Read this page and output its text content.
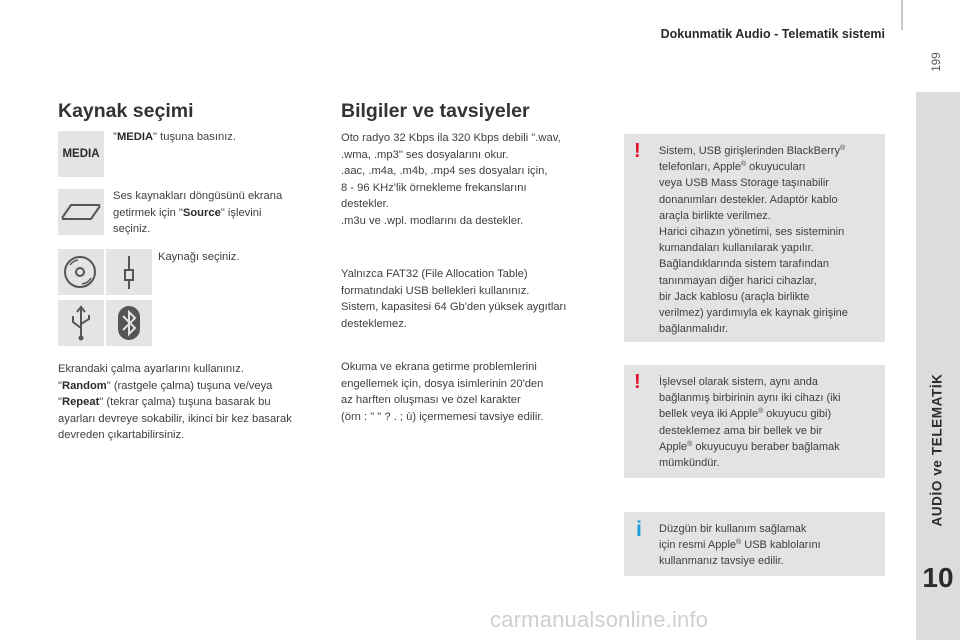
Dokunmatik Audio - Telematik sistemi
199
AUDİO ve TELEMATİK
10
Kaynak seçimi
MEDIA
"MEDIA" tuşuna basınız.
Ses kaynakları döngüsünü ekrana
getirmek için "Source" işlevini
seçiniz.
Kaynağı seçiniz.
Ekrandaki çalma ayarlarını kullanınız.
"Random" (rastgele çalma) tuşuna ve/veya
"Repeat" (tekrar çalma) tuşuna basarak bu
ayarları devreye sokabilir, ikinci bir kez basarak
devreden çıkartabilirsiniz.
Bilgiler ve tavsiyeler
Oto radyo 32 Kbps ila 320 Kbps debili ".wav,
.wma, .mp3" ses dosyalarını okur.
.aac, .m4a, .m4b, .mp4 ses dosyaları için,
8 - 96 KHz'lik örnekleme frekanslarını
destekler.
.m3u ve .wpl. modlarını da destekler.
Yalnızca FAT32 (File Allocation Table)
formatındaki USB bellekleri kullanınız.
Sistem, kapasitesi 64 Gb'den yüksek aygıtları
desteklemez.
Okuma ve ekrana getirme problemlerini
engellemek için, dosya isimlerinin 20'den
az harften oluşması ve özel karakter
(örn : " " ? . ; ù) içermemesi tavsiye edilir.
! Sistem, USB girişlerinden BlackBerry®
telefonları, Apple® okuyucuları
veya USB Mass Storage taşınabilir
donanımları destekler. Adaptör kablo
araçla birlikte verilmez.
Harici cihazın yönetimi, ses sisteminin
kumandaları kullanılarak yapılır.
Bağlandıklarında sistem tarafından
tanınmayan diğer harici cihazlar,
bir Jack kablosu (araçla birlikte
verilmez) yardımıyla ek kaynak girişine
bağlanmalıdır.
! İşlevsel olarak sistem, aynı anda
bağlanmış birbirinin aynı iki cihazı (iki
bellek veya iki Apple® okuyucu gibi)
desteklemez ama bir bellek ve bir
Apple® okuyucuyu beraber bağlamak
mümkündür.
i Düzgün bir kullanım sağlamak
için resmi Apple® USB kablolarını
kullanmanız tavsiye edilir.
carmanualsonline.info
